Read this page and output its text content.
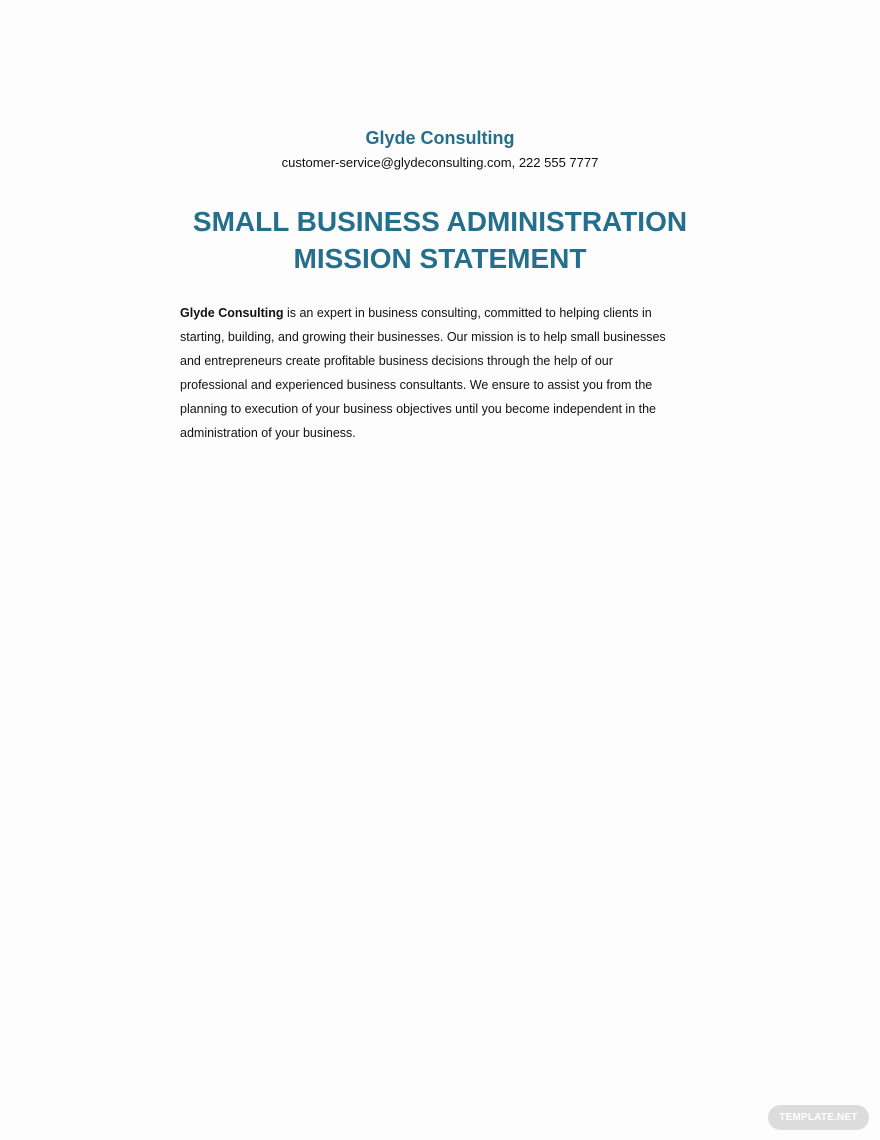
Glyde Consulting
customer-service@glydeconsulting.com, 222 555 7777
SMALL BUSINESS ADMINISTRATION
MISSION STATEMENT
Glyde Consulting is an expert in business consulting, committed to helping clients in
starting, building, and growing their businesses. Our mission is to help small businesses
and entrepreneurs create profitable business decisions through the help of our
professional and experienced business consultants. We ensure to assist you from the
planning to execution of your business objectives until you become independent in the
administration of your business.
TEMPLATE.NET
